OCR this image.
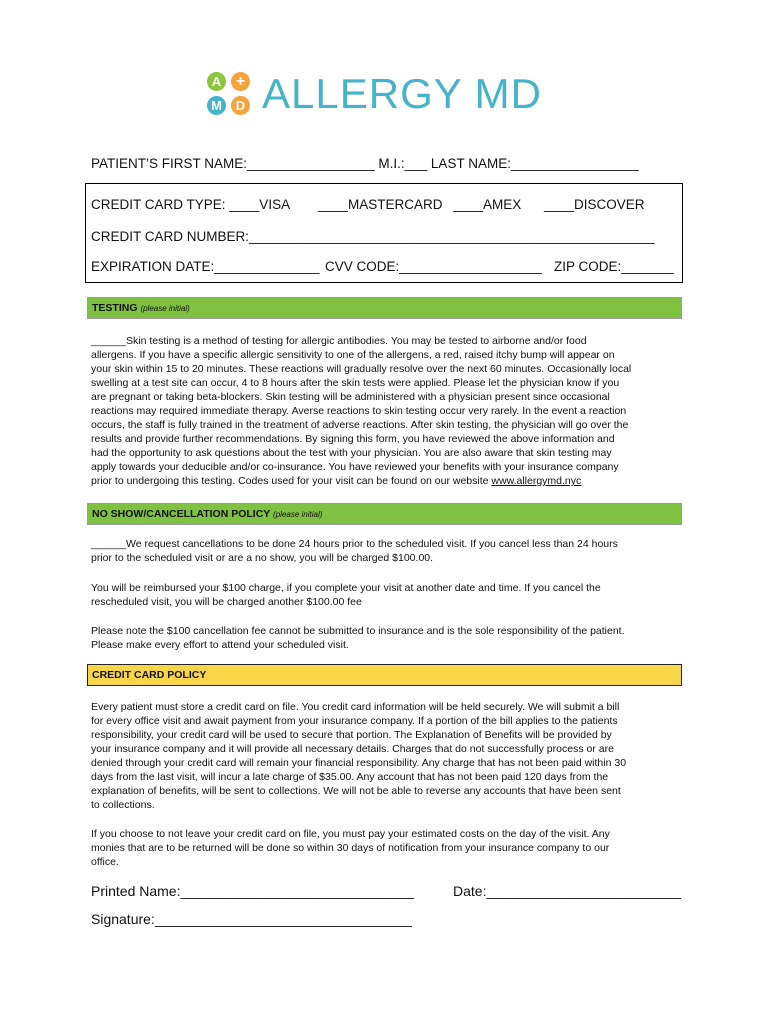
A +
M	D ALLERGY MD
PATIENT’S FIRST NAME:_________________ M.I.:___ LAST NAME:_________________
CREDIT CARD TYPE: ____VISA ____MASTERCARD ____AMEX ____DISCOVER
CREDIT CARD NUMBER:______________________________________________________
EXPIRATION DATE:______________ CVV CODE:___________________ ZIP CODE:_______
TESTING (please initial)
______Skin testing is a method of testing for allergic antibodies. You may be tested to airborne and/or food
allergens. If you have a specific allergic sensitivity to one of the allergens, a red, raised itchy bump will appear on
your skin within 15 to 20 minutes. These reactions will gradually resolve over the next 60 minutes. Occasionally local
swelling at a test site can occur, 4 to 8 hours after the skin tests were applied. Please let the physician know if you
are pregnant or taking beta-blockers. Skin testing will be administered with a physician present since occasional
reactions may required immediate therapy. Averse reactions to skin testing occur very rarely. In the event a reaction
occurs, the staff is fully trained in the treatment of adverse reactions. After skin testing, the physician will go over the
results and provide further recommendations. By signing this form, you have reviewed the above information and
had the opportunity to ask questions about the test with your physician. You are also aware that skin testing may
apply towards your deducible and/or co-insurance. You have reviewed your benefits with your insurance company
prior to undergoing this testing. Codes used for your visit can be found on our website www.allergymd.nyc
NO SHOW/CANCELLATION POLICY (please initial)
______We request cancellations to be done 24 hours prior to the scheduled visit. If you cancel less than 24 hours
prior to the scheduled visit or are a no show, you will be charged $100.00.
You will be reimbursed your $100 charge, if you complete your visit at another date and time. If you cancel the
rescheduled visit, you will be charged another $100.00 fee
Please note the $100 cancellation fee cannot be submitted to insurance and is the sole responsibility of the patient.
Please make every effort to attend your scheduled visit.
CREDIT CARD POLICY
Every patient must store a credit card on file. You credit card information will be held securely. We will submit a bill
for every office visit and await payment from your insurance company. If a portion of the bill applies to the patients
responsibility, your credit card will be used to secure that portion. The Explanation of Benefits will be provided by
your insurance company and it will provide all necessary details. Charges that do not successfully process or are
denied through your credit card will remain your financial responsibility. Any charge that has not been paid within 30
days from the last visit, will incur a late charge of $35.00. Any account that has not been paid 120 days from the
explanation of benefits, will be sent to collections. We will not be able to reverse any accounts that have been sent
to collections.
If you choose to not leave your credit card on file, you must pay your estimated costs on the day of the visit. Any
monies that are to be returned will be done so within 30 days of notification from your insurance company to our
office.
Printed Name:______________________________	Date:_________________________
Signature:_________________________________
